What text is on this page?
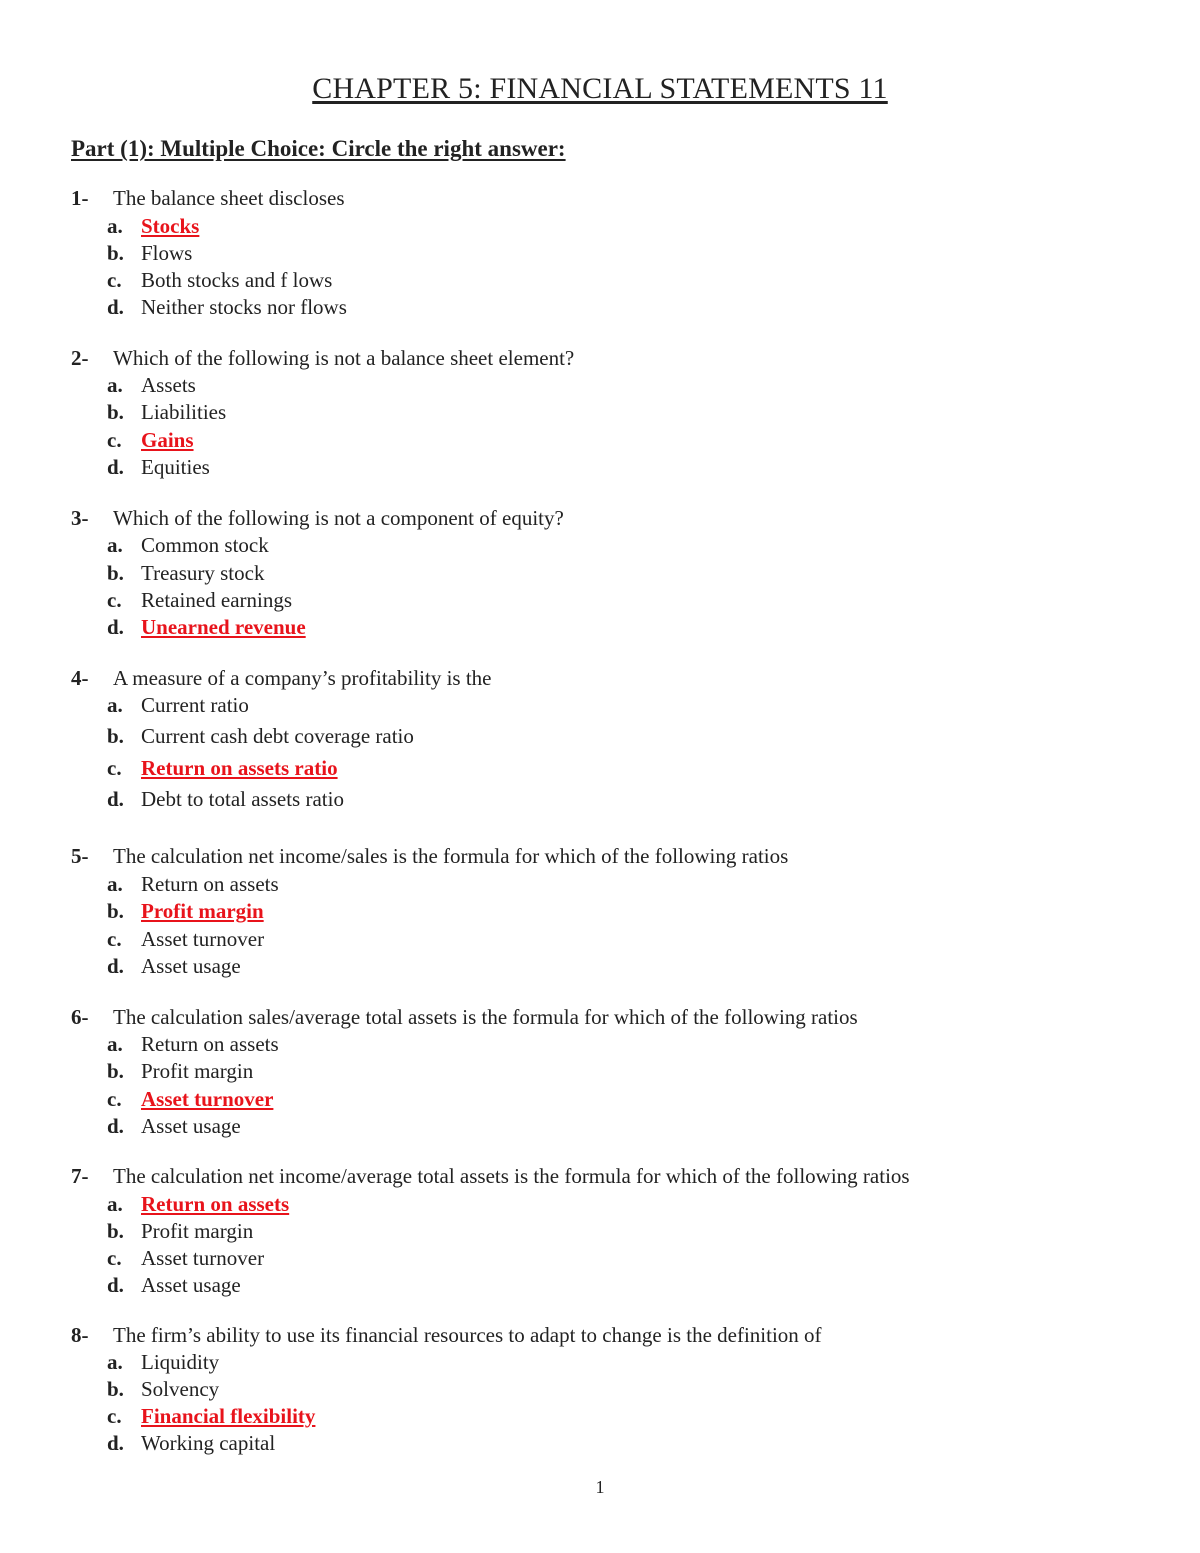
CHAPTER 5: FINANCIAL STATEMENTS 11
Part (1): Multiple Choice: Circle the right answer:
1- The balance sheet discloses
a. Stocks
b. Flows
c. Both stocks and f lows
d. Neither stocks nor flows
2- Which of the following is not a balance sheet element?
a. Assets
b. Liabilities
c. Gains
d. Equities
3- Which of the following is not a component of equity?
a. Common stock
b. Treasury stock
c. Retained earnings
d. Unearned revenue
4- A measure of a company’s profitability is the
a. Current ratio
b. Current cash debt coverage ratio
c. Return on assets ratio
d. Debt to total assets ratio
5- The calculation net income/sales is the formula for which of the following ratios
a. Return on assets
b. Profit margin
c. Asset turnover
d. Asset usage
6- The calculation sales/average total assets is the formula for which of the following ratios
a. Return on assets
b. Profit margin
c. Asset turnover
d. Asset usage
7- The calculation net income/average total assets is the formula for which of the following ratios
a. Return on assets
b. Profit margin
c. Asset turnover
d. Asset usage
8- The firm’s ability to use its financial resources to adapt to change is the definition of
a. Liquidity
b. Solvency
c. Financial flexibility
d. Working capital
1
